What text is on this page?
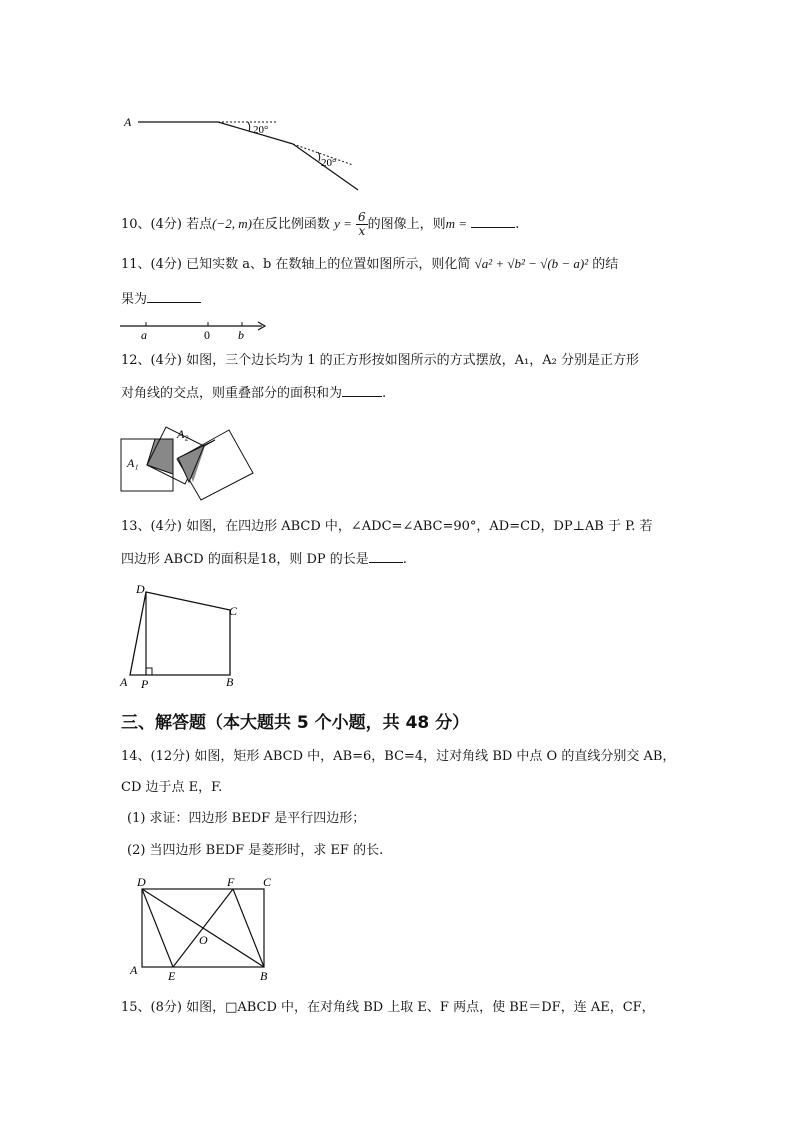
A
20°
20°
10、(4分) 若点(−2, m)在反比例函数 $y = \frac{6}{x}$ 的图像上，则m =	.
11、(4分) 已知实数 a、b 在数轴上的位置如图所示，则化简 √a² + √b² − √(b − a)² 的结
果为
a	0 b
12、(4分) 如图，三个边长均为 1 的正方形按如图所示的方式摆放，A₁，A₂ 分别是正方形
对角线的交点，则重叠部分的面积和为	.
A₁
A₂
13、(4分) 如图，在四边形 ABCD 中，∠ADC=∠ABC=90°，AD=CD，DP⊥AB 于 P. 若
四边形 ABCD 的面积是18，则 DP 的长是	.
D
C
A P	B
三、解答题（本大题共 5 个小题，共 48 分）
14、(12分) 如图，矩形 ABCD 中，AB=6，BC=4，过对角线 BD 中点 O 的直线分别交 AB，
CD 边于点 E，F.
(1) 求证：四边形 BEDF 是平行四边形；
(2) 当四边形 BEDF 是菱形时，求 EF 的长.
D	F C
O
A	E	B
15、(8分) 如图，□ABCD 中，在对角线 BD 上取 E、F 两点，使 BE＝DF，连 AE，CF，
